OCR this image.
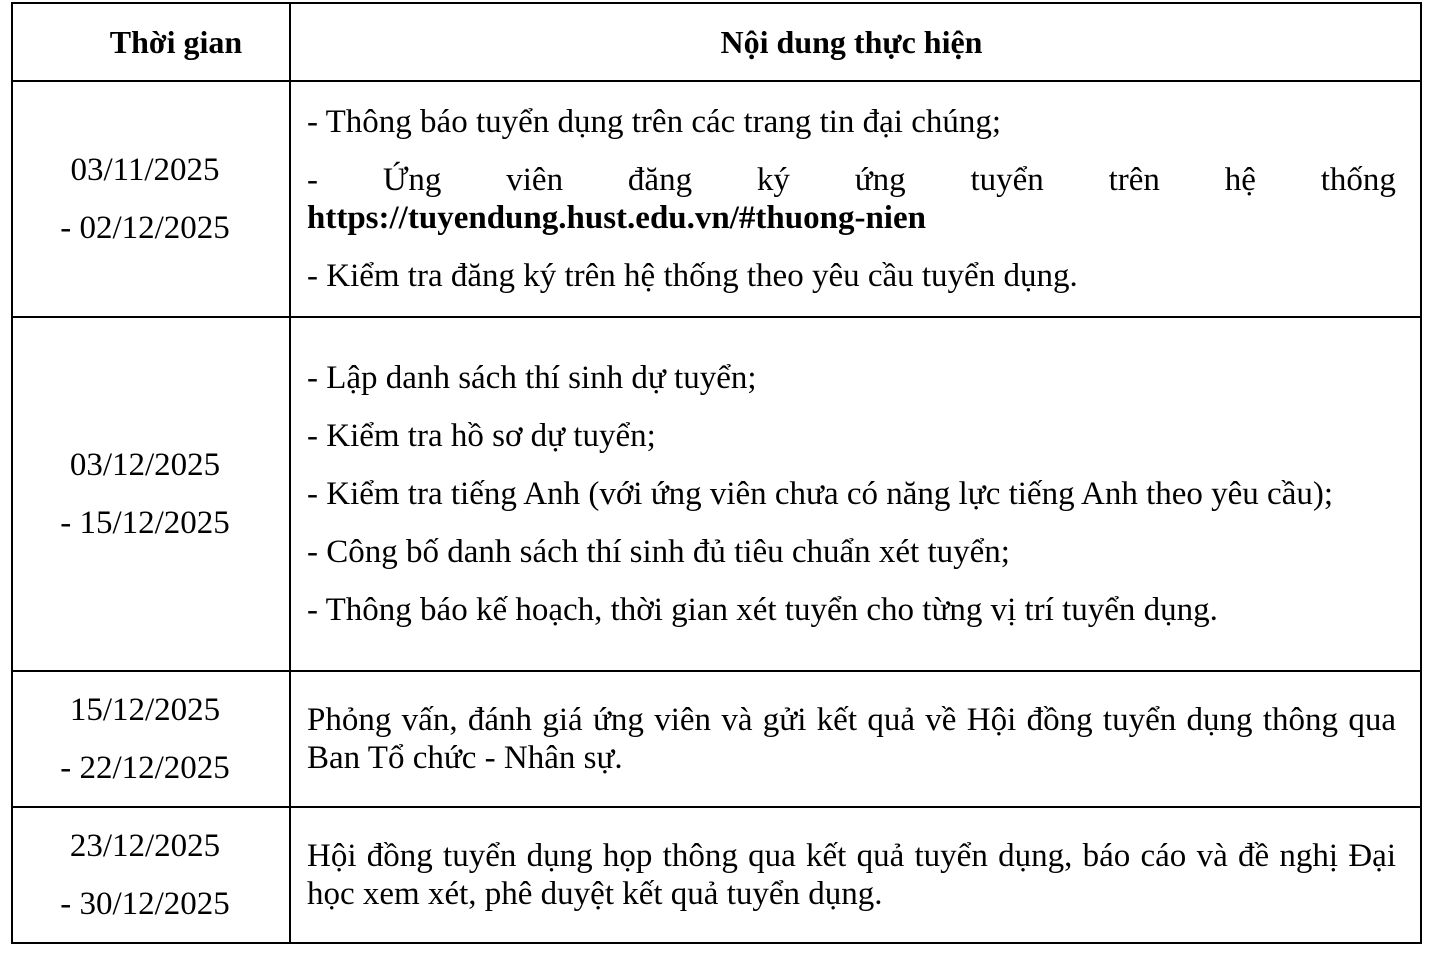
Thời gian	Nội dung thực hiện
03/11/2025
- 02/12/2025

- Thông báo tuyển dụng trên các trang tin đại chúng;

- Ứng viên đăng ký ứng tuyển trên hệ thống
https://tuyendung.hust.edu.vn/#thuong-nien

- Kiểm tra đăng ký trên hệ thống theo yêu cầu tuyển dụng.

03/12/2025
- 15/12/2025

- Lập danh sách thí sinh dự tuyển;

- Kiểm tra hồ sơ dự tuyển;

- Kiểm tra tiếng Anh (với ứng viên chưa có năng lực tiếng Anh theo yêu cầu);

- Công bố danh sách thí sinh đủ tiêu chuẩn xét tuyển;

- Thông báo kế hoạch, thời gian xét tuyển cho từng vị trí tuyển dụng.

15/12/2025
- 22/12/2025

Phỏng vấn, đánh giá ứng viên và gửi kết quả về Hội đồng tuyển dụng thông qua Ban Tổ chức - Nhân sự.

23/12/2025
- 30/12/2025

Hội đồng tuyển dụng họp thông qua kết quả tuyển dụng, báo cáo và đề nghị Đại học xem xét, phê duyệt kết quả tuyển dụng.
